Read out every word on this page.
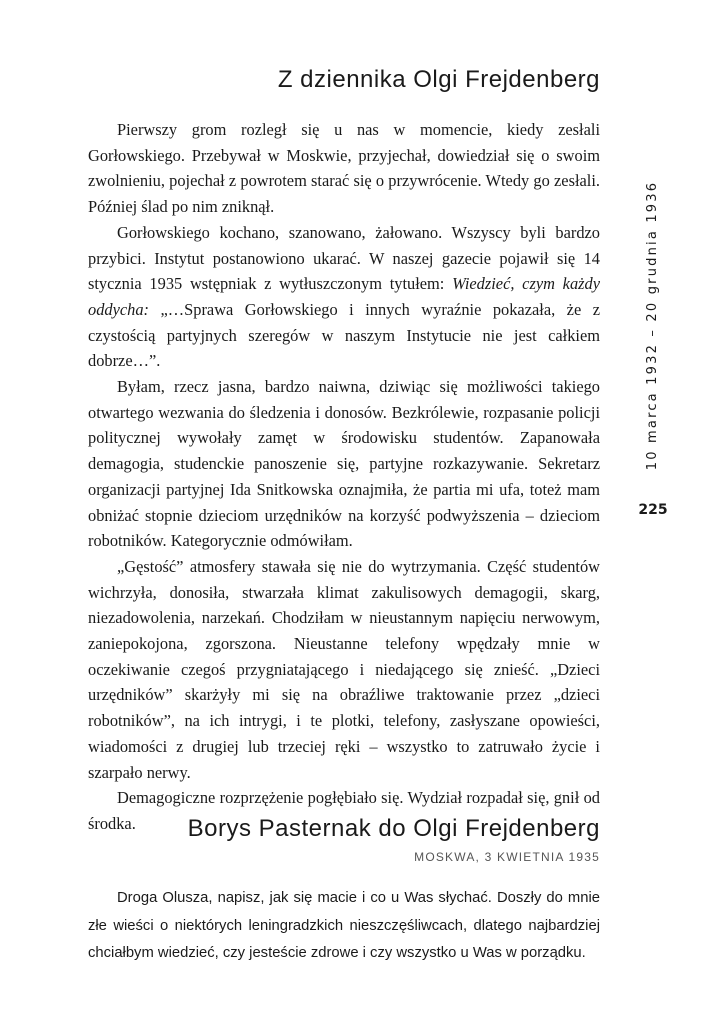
Z dziennika Olgi Frejdenberg

Pierwszy grom rozległ się u nas w momencie, kiedy zesłali Gorłowskiego. Przebywał w Moskwie, przyjechał, dowiedział się o swoim zwolnieniu, pojechał z powrotem starać się o przywrócenie. Wtedy go zesłali. Później ślad po nim zniknął.

Gorłowskiego kochano, szanowano, żałowano. Wszyscy byli bardzo przybici. Instytut postanowiono ukarać. W naszej gazecie pojawił się 14 stycznia 1935 wstępniak z wytłuszczonym tytułem: Wiedzieć, czym każdy oddycha: „…Sprawa Gorłowskiego i innych wyraźnie pokazała, że z czystością partyjnych szeregów w naszym Instytucie nie jest całkiem dobrze…”.

Byłam, rzecz jasna, bardzo naiwna, dziwiąc się możliwości takiego otwartego wezwania do śledzenia i donosów. Bezkrólewie, rozpasanie policji politycznej wywołały zamęt w środowisku studentów. Zapanowała demagogia, studenckie panoszenie się, partyjne rozkazywanie. Sekretarz organizacji partyjnej Ida Snitkowska oznajmiła, że partia mi ufa, toteż mam obniżać stopnie dzieciom urzędników na korzyść podwyższenia – dzieciom robotników. Kategorycznie odmówiłam.

„Gęstość” atmosfery stawała się nie do wytrzymania. Część studentów wichrzyła, donosiła, stwarzała klimat zakulisowych demagogii, skarg, niezadowolenia, narzekań. Chodziłam w nieustannym napięciu nerwowym, zaniepokojona, zgorszona. Nieustanne telefony wpędzały mnie w oczekiwanie czegoś przygniatającego i niedającego się znieść. „Dzieci urzędników” skarżyły mi się na obraźliwe traktowanie przez „dzieci robotników”, na ich intrygi, i te plotki, telefony, zasłyszane opowieści, wiadomości z drugiej lub trzeciej ręki – wszystko to zatruwało życie i szarpało nerwy.

Demagogiczne rozprzężenie pogłębiało się. Wydział rozpadał się, gnił od środka.	Borys Pasternak do Olgi Frejdenberg
MOSKWA, 3 KWIETNIA 1935

Droga Olusza, napisz, jak się macie i co u Was słychać. Doszły do mnie złe wieści o niektórych leningradzkich nieszczęśliwcach, dlatego najbardziej chciałbym wiedzieć, czy jesteście zdrowe i czy wszystko u Was w porządku.

10 marca 1932 – 20 grudnia 1936
225
